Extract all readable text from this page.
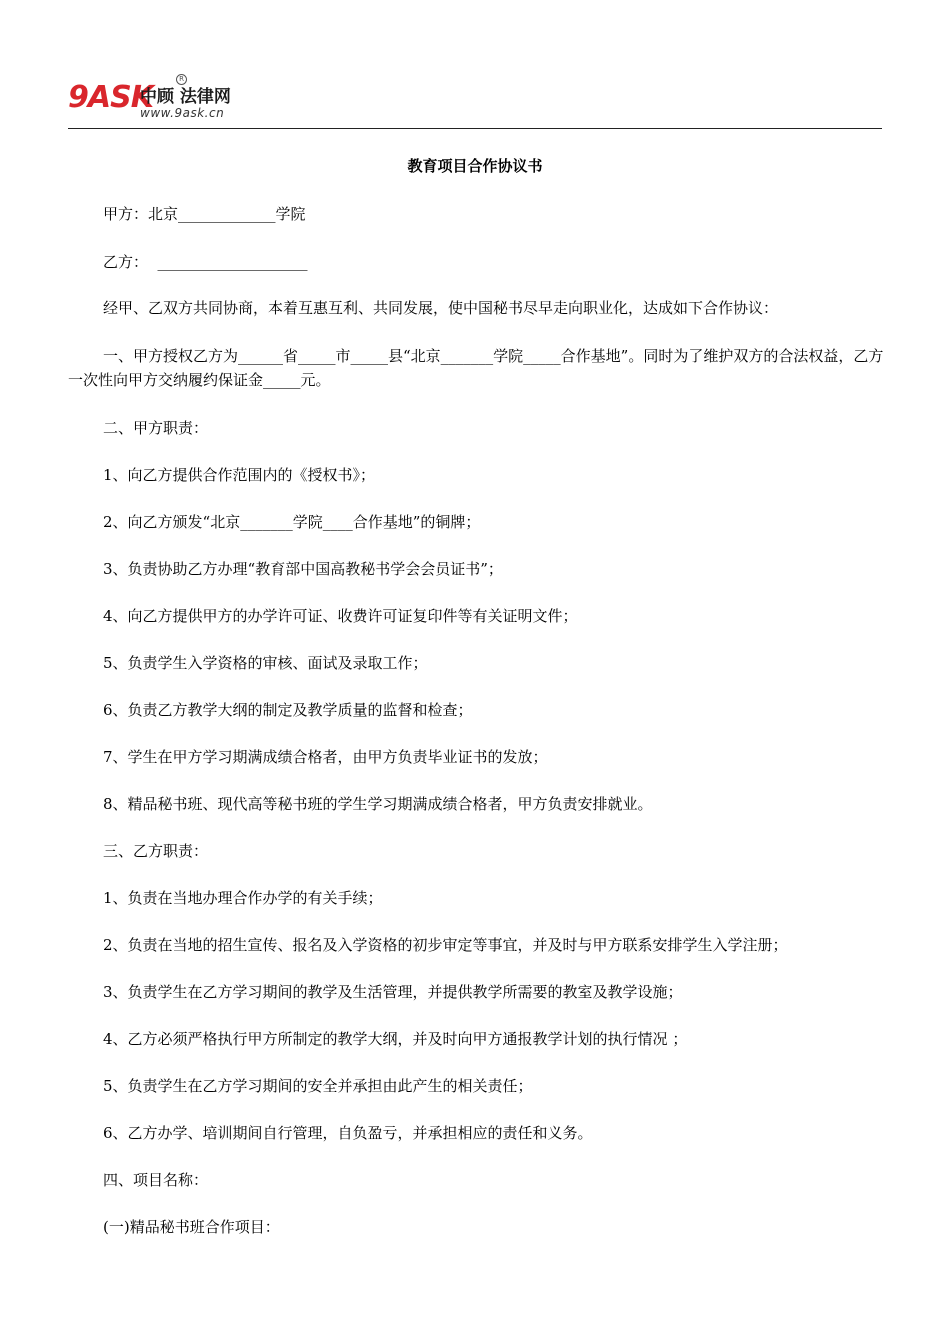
9ASK
中顾 法律网
R
www.9ask.cn
教育项目合作协议书
甲方：北京_____________学院
乙方：  ____________________
经甲、乙双方共同协商，本着互惠互利、共同发展，使中国秘书尽早走向职业化，达成如下合作协议：
一、甲方授权乙方为______省_____市_____县“北京_______学院_____合作基地”。同时为了维护双方的合法权益，乙方一次性向甲方交纳履约保证金_____元。
二、甲方职责：
1、向乙方提供合作范围内的《授权书》；
2、向乙方颁发“北京_______学院____合作基地”的铜牌；
3、负责协助乙方办理“教育部中国高教秘书学会会员证书”；
4、向乙方提供甲方的办学许可证、收费许可证复印件等有关证明文件；
5、负责学生入学资格的审核、面试及录取工作；
6、负责乙方教学大纲的制定及教学质量的监督和检查；
7、学生在甲方学习期满成绩合格者，由甲方负责毕业证书的发放；
8、精品秘书班、现代高等秘书班的学生学习期满成绩合格者，甲方负责安排就业。
三、乙方职责：
1、负责在当地办理合作办学的有关手续；
2、负责在当地的招生宣传、报名及入学资格的初步审定等事宜，并及时与甲方联系安排学生入学注册；
3、负责学生在乙方学习期间的教学及生活管理，并提供教学所需要的教室及教学设施；
4、乙方必须严格执行甲方所制定的教学大纲，并及时向甲方通报教学计划的执行情况 ；
5、负责学生在乙方学习期间的安全并承担由此产生的相关责任；
6、乙方办学、培训期间自行管理，自负盈亏，并承担相应的责任和义务。
四、项目名称：
(一)精品秘书班合作项目：
